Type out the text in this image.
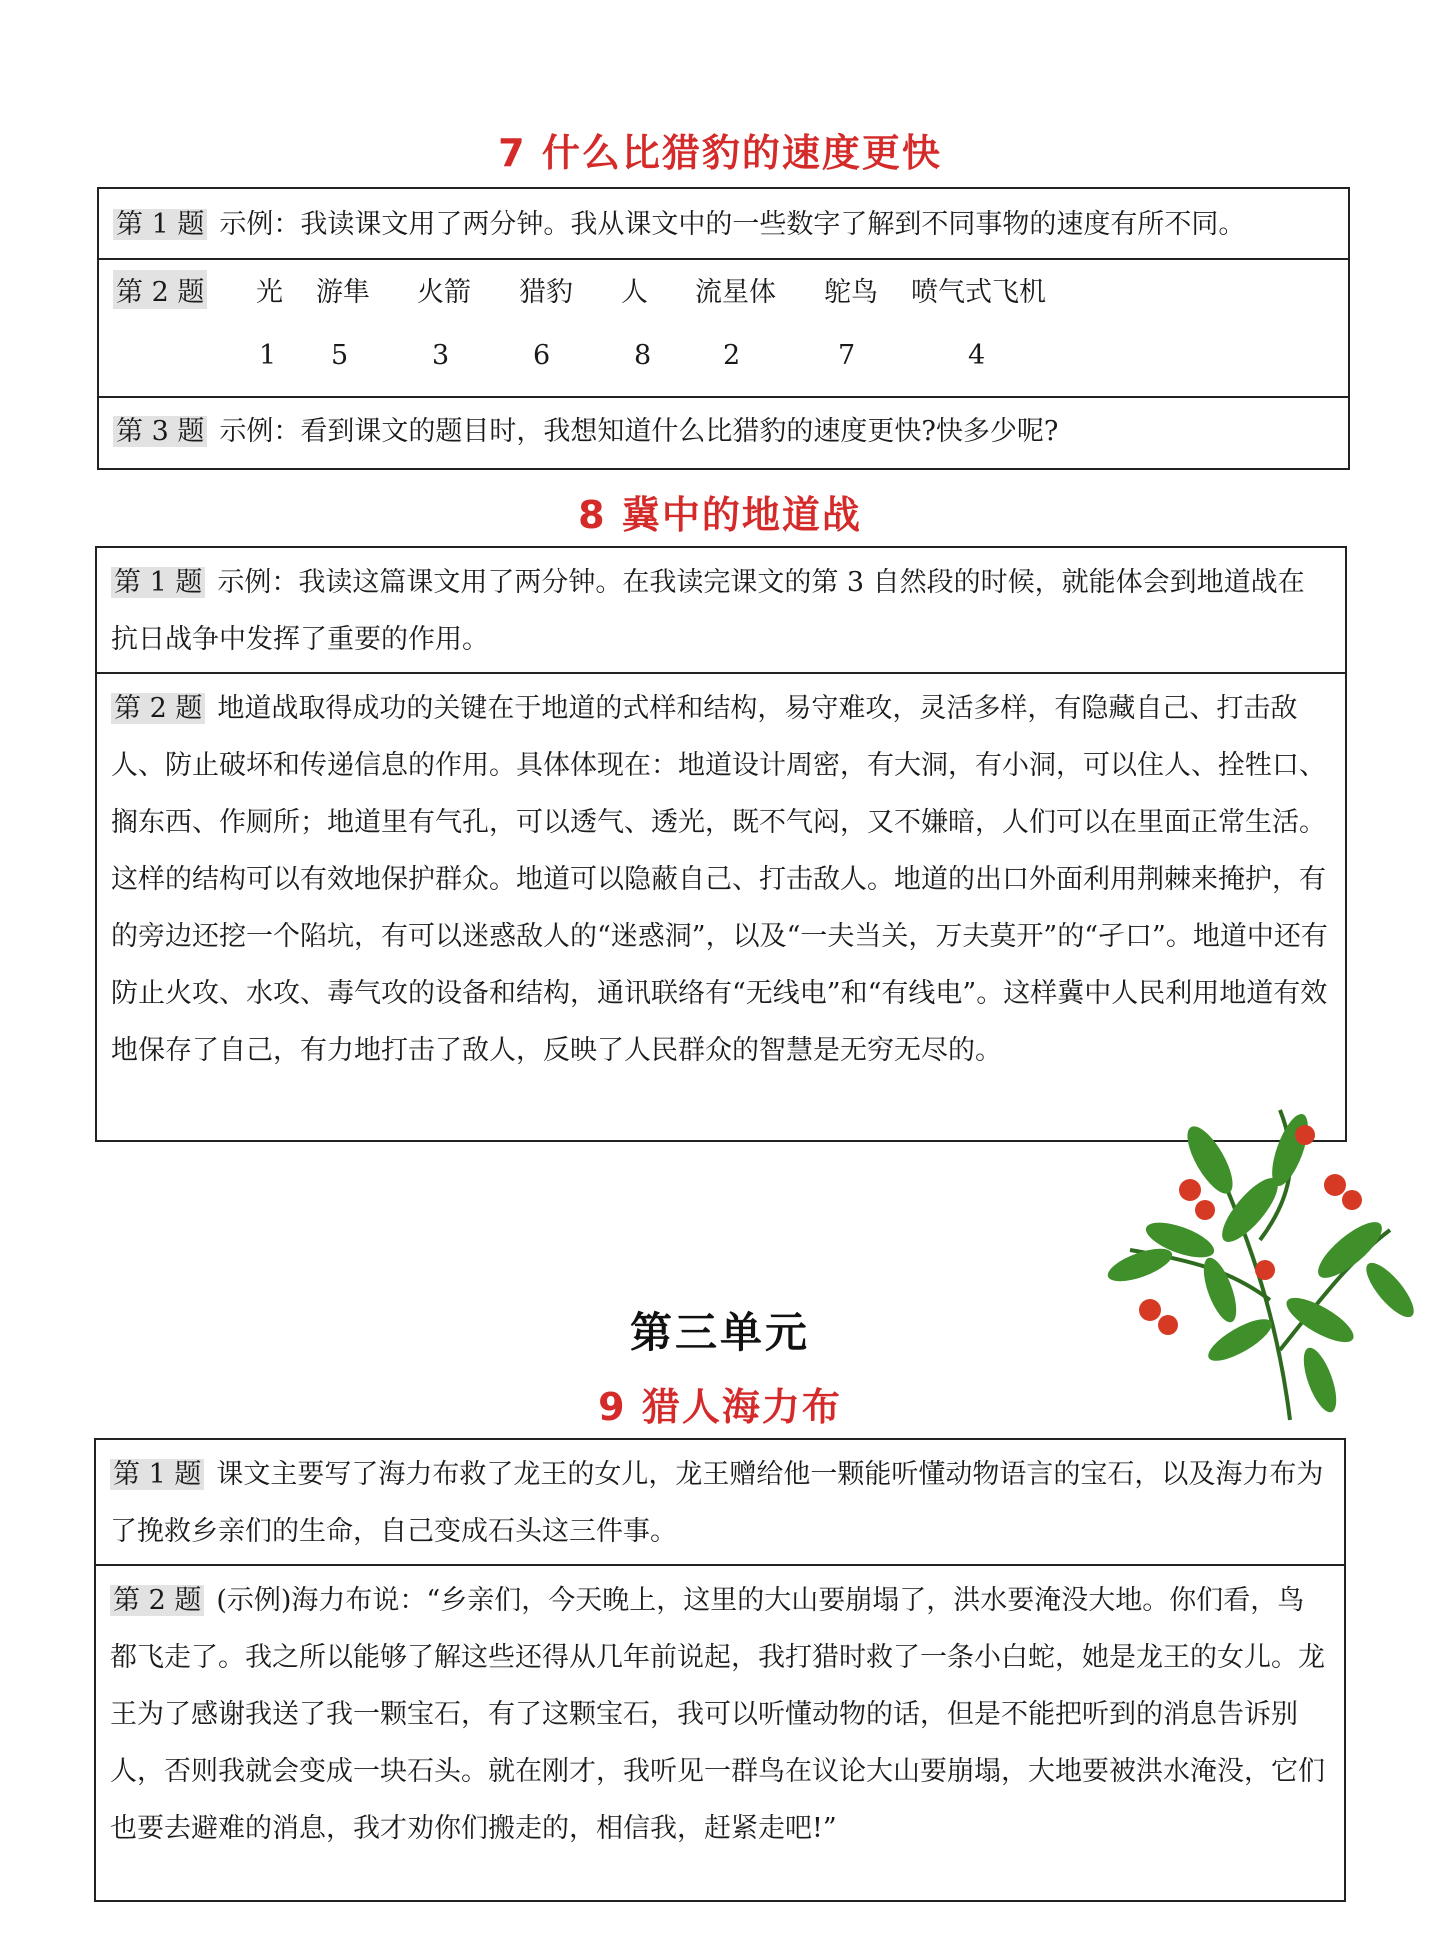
7 什么比猎豹的速度更快
第 1 题 示例：我读课文用了两分钟。我从课文中的一些数字了解到不同事物的速度有所不同。
第 2 题 光 游隼 火箭 猎豹 人 流星体 鸵鸟 喷气式飞机
1 5	3	6	8	2	7	4
第 3 题 示例：看到课文的题目时，我想知道什么比猎豹的速度更快?快多少呢?
8 冀中的地道战
第 1 题 示例：我读这篇课文用了两分钟。在我读完课文的第 3 自然段的时候，就能体会到地道战在抗日战争中发挥了重要的作用。
第 2 题 地道战取得成功的关键在于地道的式样和结构，易守难攻，灵活多样，有隐藏自己、打击敌人、防止破坏和传递信息的作用。具体体现在：地道设计周密，有大洞，有小洞，可以住人、拴牲口、搁东西、作厕所；地道里有气孔，可以透气、透光，既不气闷，又不嫌暗，人们可以在里面正常生活。这样的结构可以有效地保护群众。地道可以隐蔽自己、打击敌人。地道的出口外面利用荆棘来掩护，有的旁边还挖一个陷坑，有可以迷惑敌人的“迷惑洞”，以及“一夫当关，万夫莫开”的“孑口”。地道中还有防止火攻、水攻、毒气攻的设备和结构，通讯联络有“无线电”和“有线电”。这样冀中人民利用地道有效地保存了自己，有力地打击了敌人，反映了人民群众的智慧是无穷无尽的。
第三单元
9 猎人海力布
第 1 题 课文主要写了海力布救了龙王的女儿，龙王赠给他一颗能听懂动物语言的宝石，以及海力布为了挽救乡亲们的生命，自己变成石头这三件事。
第 2 题 (示例)海力布说：“乡亲们，今天晚上，这里的大山要崩塌了，洪水要淹没大地。你们看，鸟都飞走了。我之所以能够了解这些还得从几年前说起，我打猎时救了一条小白蛇，她是龙王的女儿。龙王为了感谢我送了我一颗宝石，有了这颗宝石，我可以听懂动物的话，但是不能把听到的消息告诉别人，否则我就会变成一块石头。就在刚才，我听见一群鸟在议论大山要崩塌，大地要被洪水淹没，它们也要去避难的消息，我才劝你们搬走的，相信我，赶紧走吧!”
